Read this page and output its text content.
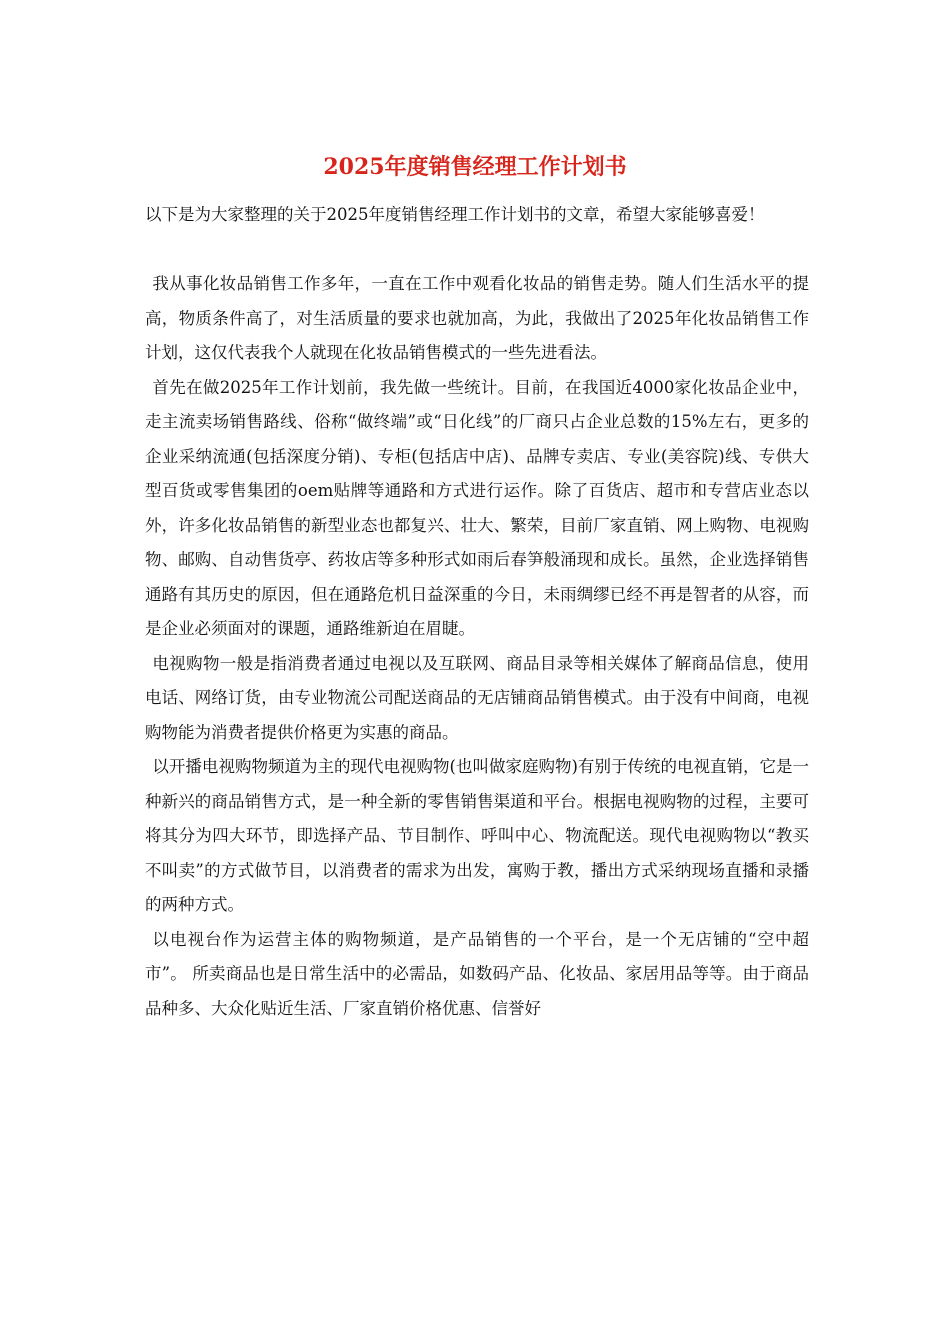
2025年度销售经理工作计划书

以下是为大家整理的关于2025年度销售经理工作计划书的文章，希望大家能够喜爱！

我从事化妆品销售工作多年，一直在工作中观看化妆品的销售走势。随人们生活水平的提高，物质条件高了，对生活质量的要求也就加高，为此，我做出了2025年化妆品销售工作计划，这仅代表我个人就现在化妆品销售模式的一些先进看法。

首先在做2025年工作计划前，我先做一些统计。目前，在我国近4000家化妆品企业中，走主流卖场销售路线、俗称“做终端”或“日化线”的厂商只占企业总数的15%左右，更多的企业采纳流通(包括深度分销)、专柜(包括店中店)、品牌专卖店、专业(美容院)线、专供大型百货或零售集团的oem贴牌等通路和方式进行运作。除了百货店、超市和专营店业态以外，许多化妆品销售的新型业态也都复兴、壮大、繁荣，目前厂家直销、网上购物、电视购物、邮购、自动售货亭、药妆店等多种形式如雨后春笋般涌现和成长。虽然，企业选择销售通路有其历史的原因，但在通路危机日益深重的今日，未雨绸缪已经不再是智者的从容，而是企业必须面对的课题，通路维新迫在眉睫。

电视购物一般是指消费者通过电视以及互联网、商品目录等相关媒体了解商品信息，使用电话、网络订货，由专业物流公司配送商品的无店铺商品销售模式。由于没有中间商，电视购物能为消费者提供价格更为实惠的商品。

以开播电视购物频道为主的现代电视购物(也叫做家庭购物)有别于传统的电视直销，它是一种新兴的商品销售方式，是一种全新的零售销售渠道和平台。根据电视购物的过程，主要可将其分为四大环节，即选择产品、节目制作、呼叫中心、物流配送。现代电视购物以“教买不叫卖”的方式做节目，以消费者的需求为出发，寓购于教，播出方式采纳现场直播和录播的两种方式。

以电视台作为运营主体的购物频道，是产品销售的一个平台，是一个无店铺的“空中超市”。 所卖商品也是日常生活中的必需品，如数码产品、化妆品、家居用品等等。由于商品品种多、大众化贴近生活、厂家直销价格优惠、信誉好
